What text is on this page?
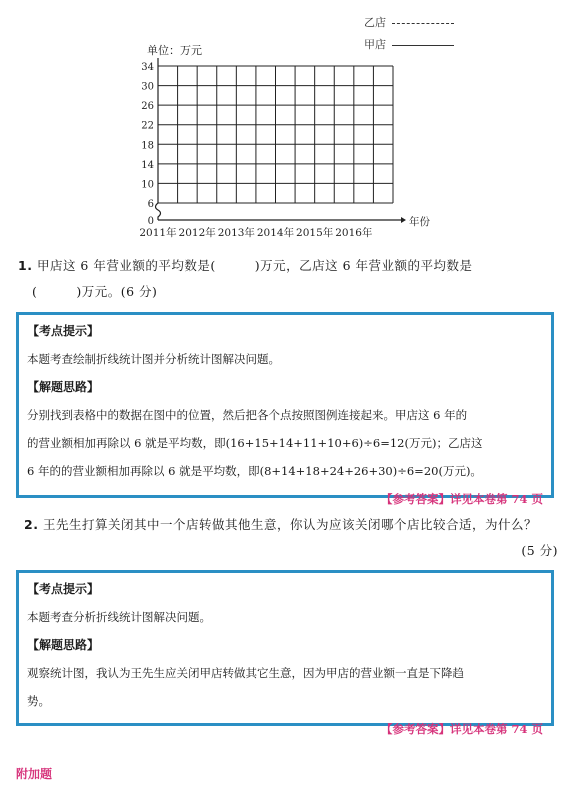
乙店
甲店
单位：万元
6
10
14
18
22
26
30
34
0
2011年 2012年 2013年 2014年 2015年 2016年
年份
1. 甲店这 6 年营业额的平均数是(　　　)万元，乙店这 6 年营业额的平均数是
(　　　)万元。(6 分)
【考点提示】
本题考查绘制折线统计图并分析统计图解决问题。
【解题思路】
分别找到表格中的数据在图中的位置，然后把各个点按照图例连接起来。甲店这 6 年的
的营业额相加再除以 6 就是平均数，即(16+15+14+11+10+6)÷6=12(万元)；乙店这
6 年的的营业额相加再除以 6 就是平均数，即(8+14+18+24+26+30)÷6=20(万元)。
【参考答案】详见本卷第 74 页
2. 王先生打算关闭其中一个店转做其他生意，你认为应该关闭哪个店比较合适，为什么？
(5 分)
【考点提示】
本题考查分析折线统计图解决问题。
【解题思路】
观察统计图，我认为王先生应关闭甲店转做其它生意，因为甲店的营业额一直是下降趋
势。
【参考答案】详见本卷第 74 页
附加题
